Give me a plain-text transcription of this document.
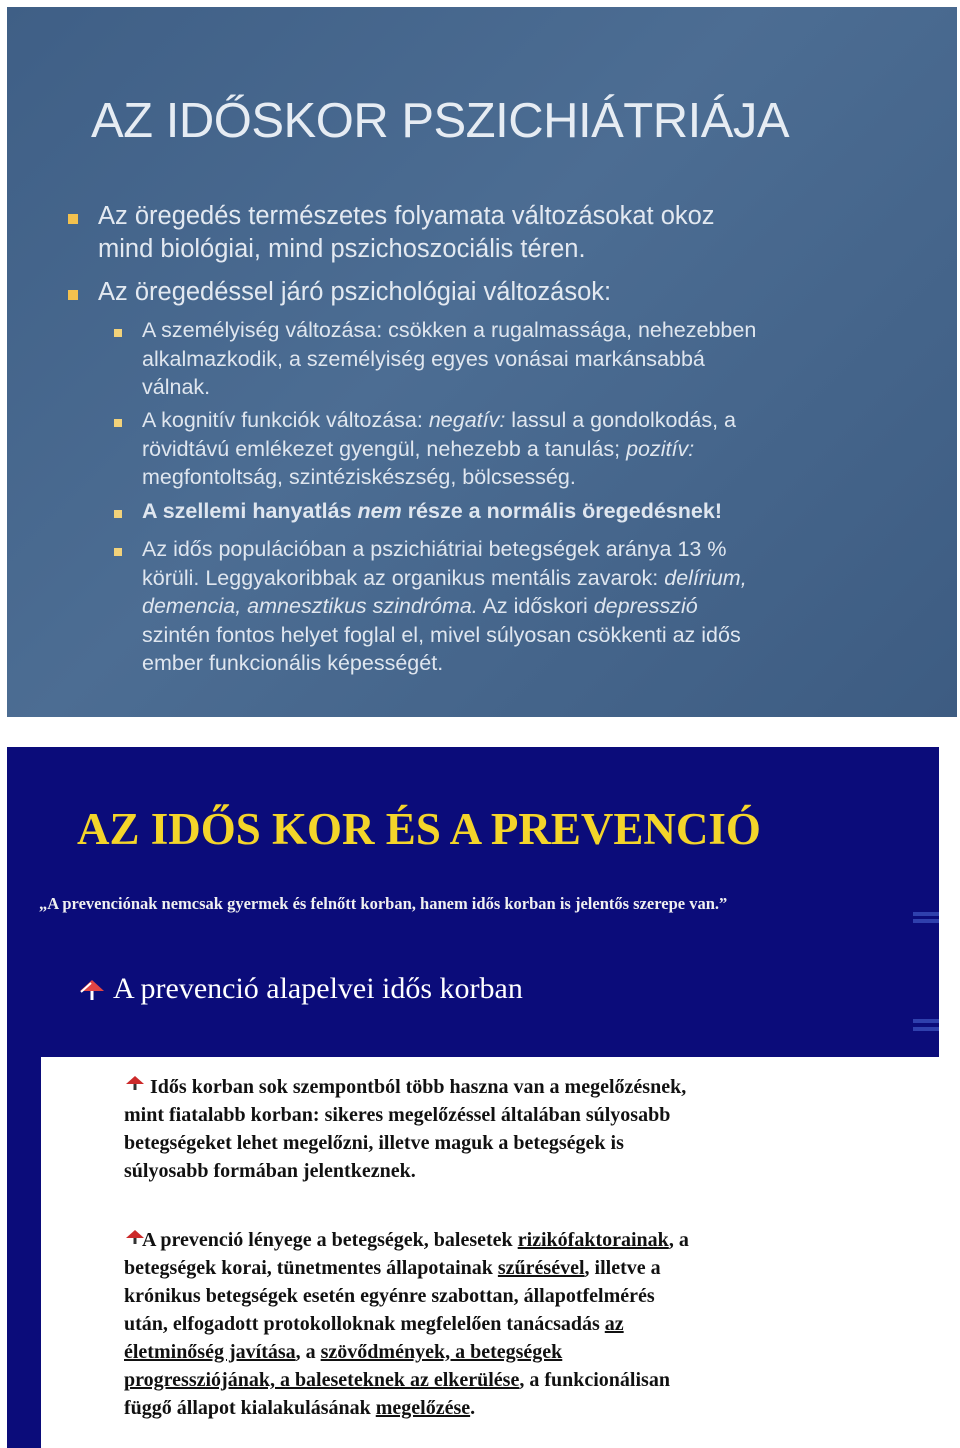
AZ IDŐSKOR PSZICHIÁTRIÁJA
Az öregedés természetes folyamata változásokat okoz
mind biológiai, mind pszichoszociális téren.
Az öregedéssel járó pszichológiai változások:
A személyiség változása: csökken a rugalmassága, nehezebben
alkalmazkodik, a személyiség egyes vonásai markánsabbá
válnak.
A kognitív funkciók változása: negatív: lassul a gondolkodás, a
rövidtávú emlékezet gyengül, nehezebb a tanulás; pozitív:
megfontoltság, szintéziskészség, bölcsesség.
A szellemi hanyatlás nem része a normális öregedésnek!
Az idős populációban a pszichiátriai betegségek aránya 13 %
körüli. Leggyakoribbak az organikus mentális zavarok: delírium,
demencia, amnesztikus szindróma. Az időskori depresszió
szintén fontos helyet foglal el, mivel súlyosan csökkenti az idős
ember funkcionális képességét.
AZ IDŐS KOR ÉS A PREVENCIÓ
„A prevenciónak nemcsak gyermek és felnőtt korban, hanem idős korban is jelentős szerepe van.”
A prevenció alapelvei idős korban
Idős korban sok szempontból több haszna van a megelőzésnek,
mint fiatalabb korban: sikeres megelőzéssel általában súlyosabb
betegségeket lehet megelőzni, illetve maguk a betegségek is
súlyosabb formában jelentkeznek.
A prevenció lényege a betegségek, balesetek rizikófaktorainak, a
betegségek korai, tünetmentes állapotainak szűrésével, illetve a
krónikus betegségek esetén egyénre szabottan, állapotfelmérés
után, elfogadott protokolloknak megfelelően tanácsadás az
életminőség javítása, a szövődmények, a betegségek
progressziójának, a baleseteknek az elkerülése, a funkcionálisan
függő állapot kialakulásának megelőzése.
